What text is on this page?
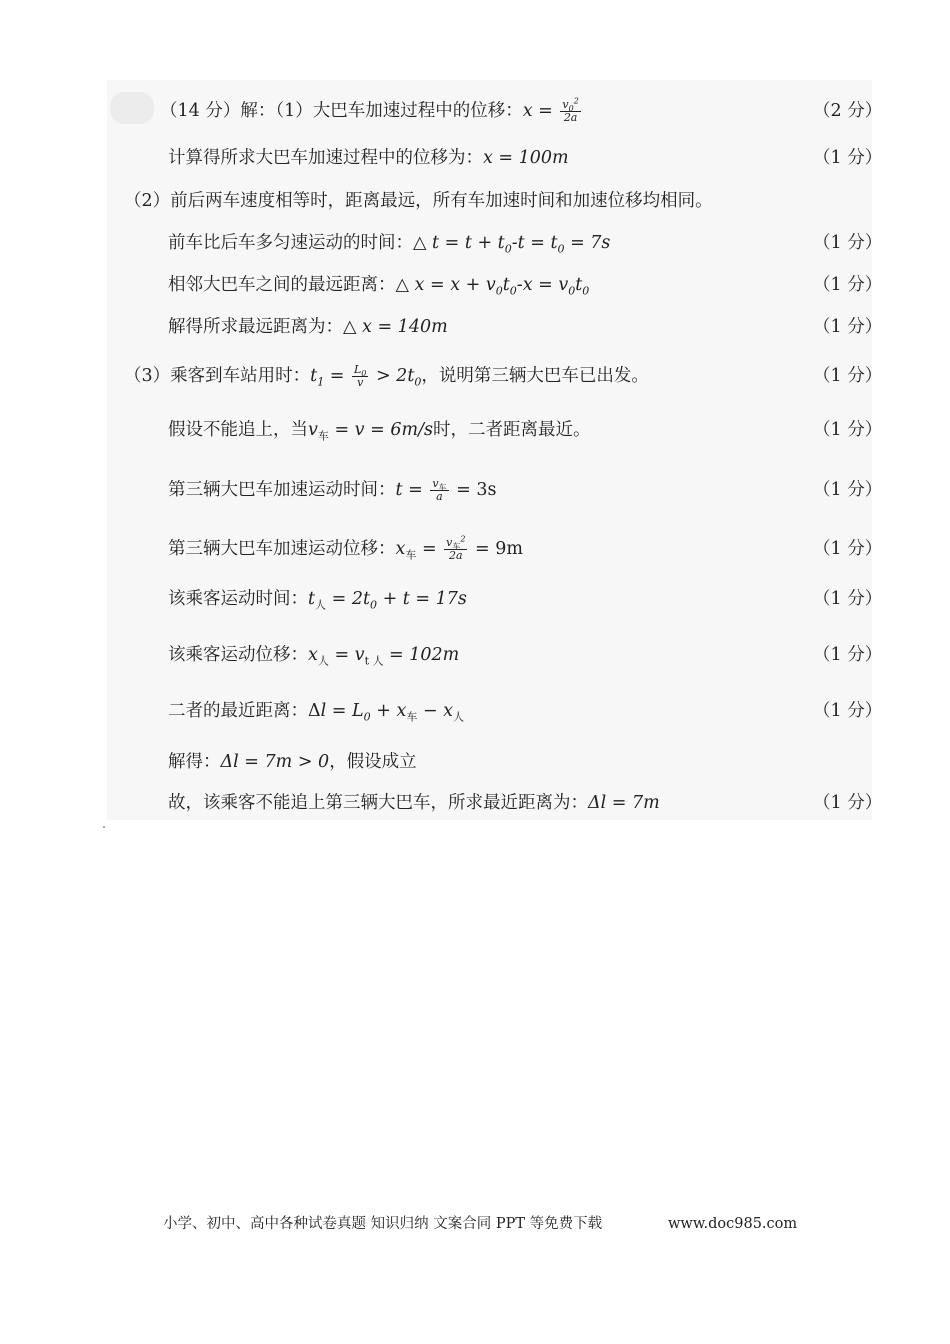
（14 分）解：（1）大巴车加速过程中的位移：$x = \frac{v_0^2}{2a}$	（2 分）
计算得所求大巴车加速过程中的位移为：x = 100m	（1 分）
（2）前后两车速度相等时，距离最远，所有车加速时间和加速位移均相同。
前车比后车多匀速运动的时间：△ $t = t + t_0-t = t_0 = 7s$	（1 分）
相邻大巴车之间的最远距离：△ $x = x + v_0t_0-x = v_0t_0$	（1 分）
解得所求最远距离为：△ x = 140m	（1 分）
（3）乘客到车站用时：$t_1 = \frac{L_0}{v} > 2t_0$，说明第三辆大巴车已出发。	（1 分）
假设不能追上，当$v_车 = v = 6m/s$时，二者距离最近。	（1 分）
第三辆大巴车加速运动时间：$t = \frac{v_车}{a} = 3s$	（1 分）
第三辆大巴车加速运动位移：$x_车 = \frac{v_车^2}{2a} = 9m$	（1 分）
该乘客运动时间：$t_人 = 2t_0 + t = 17s$	（1 分）
该乘客运动位移：$x_人 = v_{t 人} = 102m$	（1 分）
二者的最近距离：$\Delta l = L_0 + x_车 - x_人$	（1 分）
解得：Δl = 7m > 0，假设成立
故，该乘客不能追上第三辆大巴车，所求最近距离为：Δl = 7m	（1 分）
小学、初中、高中各种试卷真题 知识归纳 文案合同 PPT 等免费下载	www.doc985.com
